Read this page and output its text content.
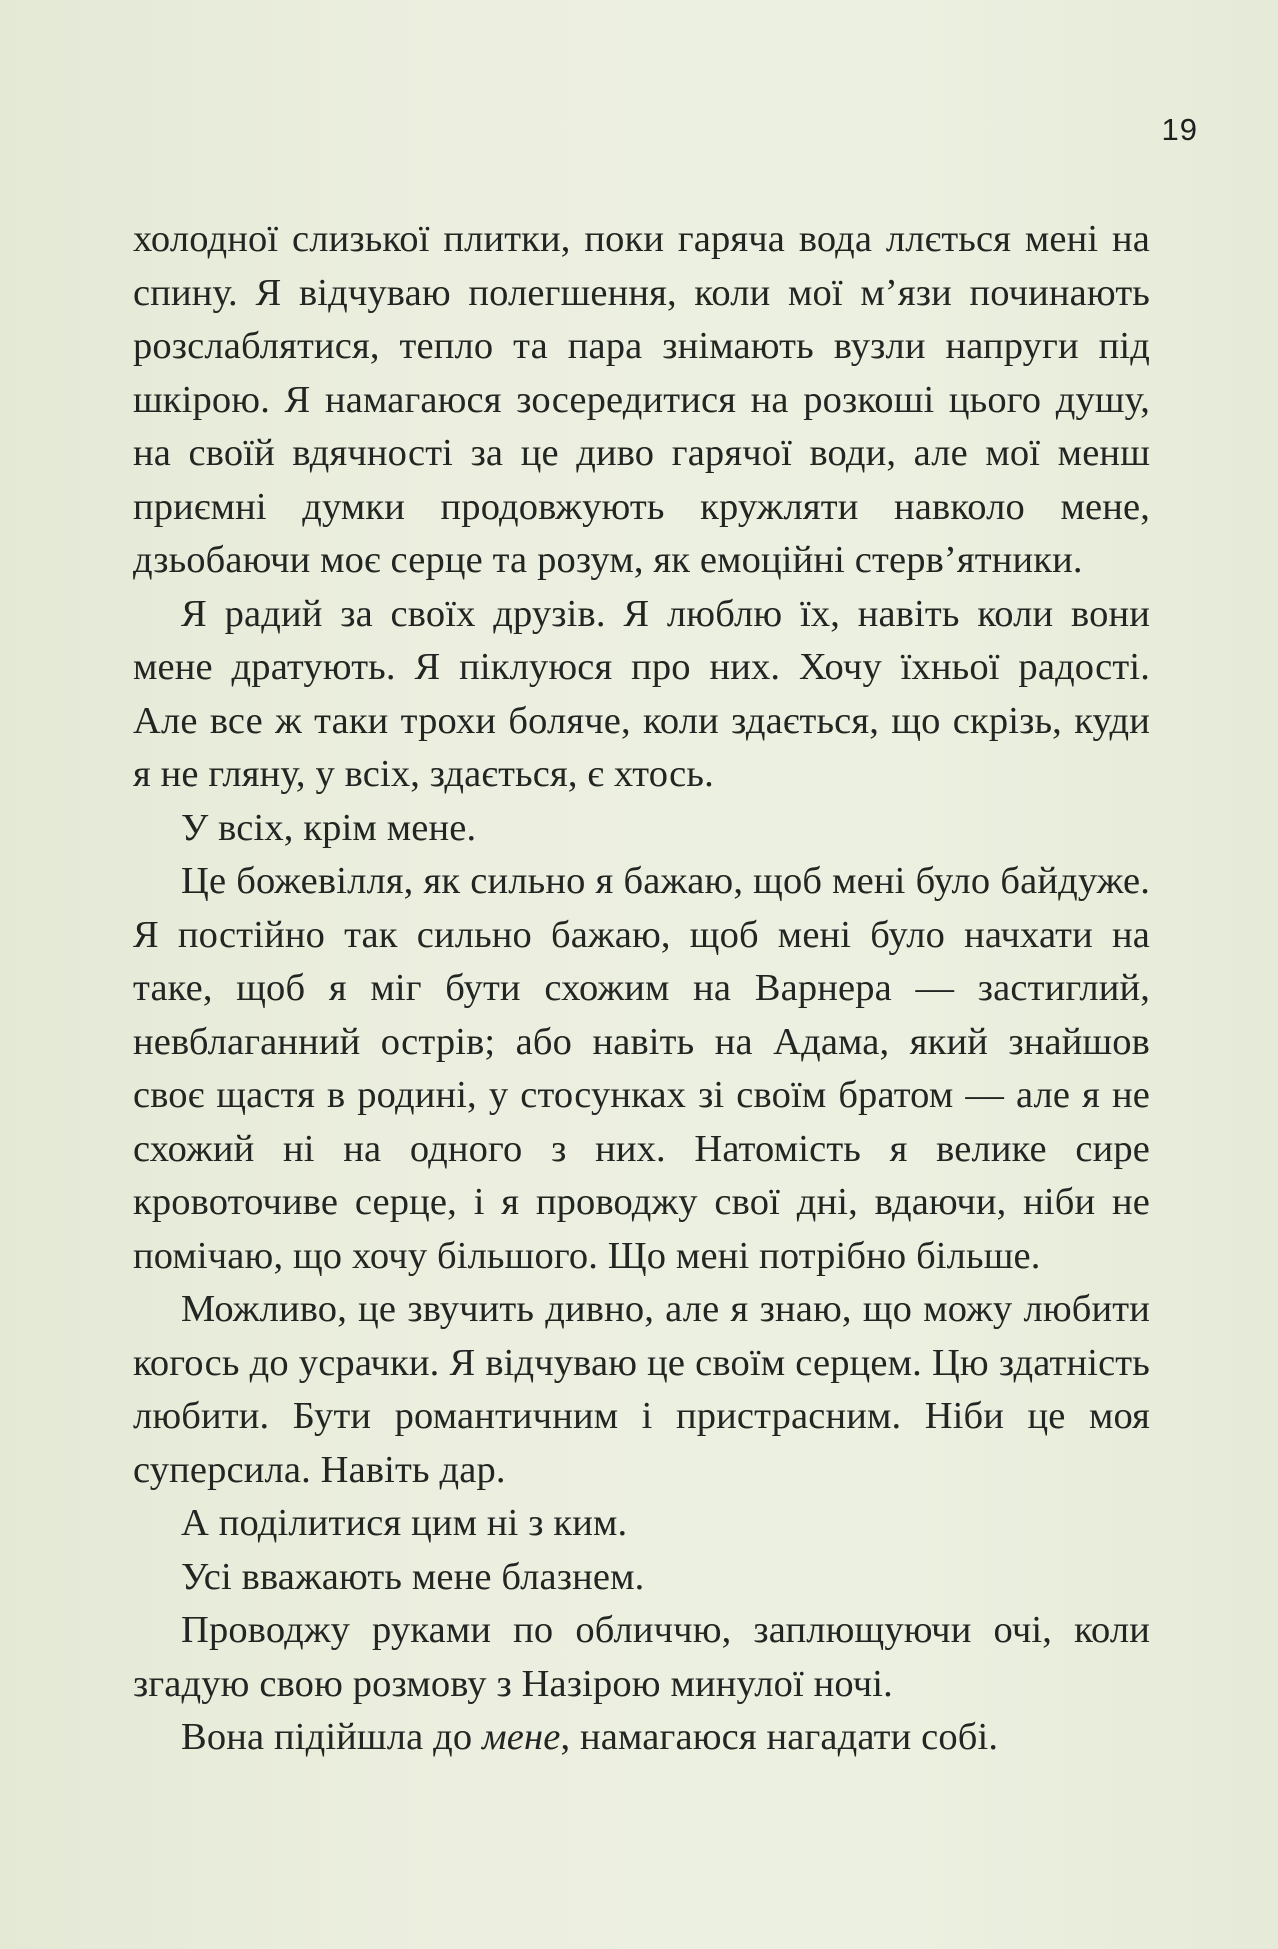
19

холодної слизької плитки, поки гаряча вода ллється мені на спину. Я відчуваю полегшення, коли мої м’язи починають розслаблятися, тепло та пара знімають вузли напруги під шкірою. Я намагаюся зосередитися на розкоші цього душу, на своїй вдячності за це диво гарячої води, але мої менш приємні думки продовжують кружляти навколо мене, дзьобаючи моє серце та розум, як емоційні стерв’ятники.

Я радий за своїх друзів. Я люблю їх, навіть коли вони мене дратують. Я піклуюся про них. Хочу їхньої радості. Але все ж таки трохи боляче, коли здається, що скрізь, куди я не гляну, у всіх, здається, є хтось.

У всіх, крім мене.

Це божевілля, як сильно я бажаю, щоб мені було байдуже. Я постійно так сильно бажаю, щоб мені було начхати на таке, щоб я міг бути схожим на Варнера — застиглий, невблаганний острів; або навіть на Адама, який знайшов своє щастя в родині, у стосунках зі своїм братом — але я не схожий ні на одного з них. Натомість я велике сире кровоточиве серце, і я проводжу свої дні, вдаючи, ніби не помічаю, що хочу більшого. Що мені потрібно більше.

Можливо, це звучить дивно, але я знаю, що можу любити когось до усрачки. Я відчуваю це своїм серцем. Цю здатність любити. Бути романтичним і пристрасним. Ніби це моя суперсила. Навіть дар.

А поділитися цим ні з ким.

Усі вважають мене блазнем.

Проводжу руками по обличчю, заплющуючи очі, коли згадую свою розмову з Назірою минулої ночі.

Вона підійшла до мене, намагаюся нагадати собі.
